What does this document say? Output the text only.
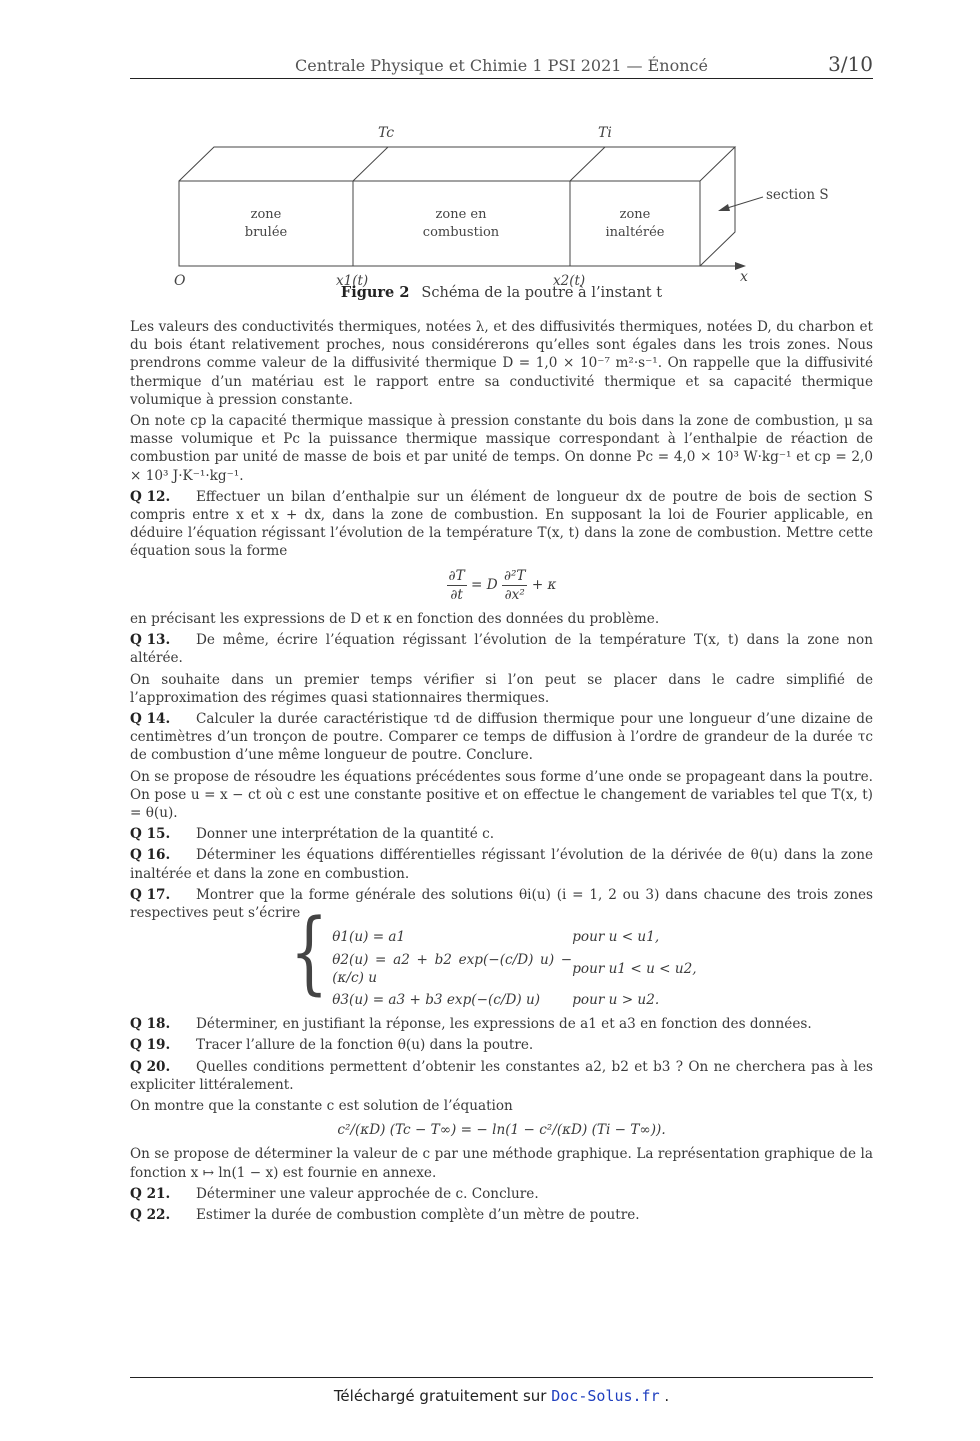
Centrale Physique et Chimie 1 PSI 2021 — Énoncé	3/10
Tc	Ti
zone
brulée
zone en
combustion
zone
inaltérée
section S
O	x1(t)	x2(t)	x
Figure 2 Schéma de la poutre à l’instant t

Les valeurs des conductivités thermiques, notées λ, et des diffusivités thermiques, notées D, du charbon et du bois étant relativement proches, nous considérerons qu’elles sont égales dans les trois zones. Nous prendrons comme valeur de la diffusivité thermique D = 1,0 × 10⁻⁷ m²·s⁻¹. On rappelle que la diffusivité thermique d’un matériau est le rapport entre sa conductivité thermique et sa capacité thermique volumique à pression constante.

On note cp la capacité thermique massique à pression constante du bois dans la zone de combustion, μ sa masse volumique et Pc la puissance thermique massique correspondant à l’enthalpie de réaction de combustion par unité de masse de bois et par unité de temps. On donne Pc = 4,0 × 10³ W·kg⁻¹ et cp = 2,0 × 10³ J·K⁻¹·kg⁻¹.

Q 12. Effectuer un bilan d’enthalpie sur un élément de longueur dx de poutre de bois de section S compris entre x et x + dx, dans la zone de combustion. En supposant la loi de Fourier applicable, en déduire l’équation régissant l’évolution de la température T(x, t) dans la zone de combustion. Mettre cette équation sous la forme

$\frac{\partial T}{\partial t} = D \frac{\text{∂²T}}{\text{∂x²}} + \kappa$

en précisant les expressions de D et κ en fonction des données du problème.

Q 13. De même, écrire l’équation régissant l’évolution de la température T(x, t) dans la zone non altérée.

On souhaite dans un premier temps vérifier si l’on peut se placer dans le cadre simplifié de l’approximation des régimes quasi stationnaires thermiques.

Q 14. Calculer la durée caractéristique τd de diffusion thermique pour une longueur d’une dizaine de centimètres d’un tronçon de poutre. Comparer ce temps de diffusion à l’ordre de grandeur de la durée τc de combustion d’une même longueur de poutre. Conclure.

On se propose de résoudre les équations précédentes sous forme d’une onde se propageant dans la poutre. On pose u = x − ct où c est une constante positive et on effectue le changement de variables tel que T(x, t) = θ(u).

Q 15. Donner une interprétation de la quantité c.

Q 16. Déterminer les équations différentielles régissant l’évolution de la dérivée de θ(u) dans la zone inaltérée et dans la zone en combustion.

Q 17. Montrer que la forme générale des solutions θi(u) (i = 1, 2 ou 3) dans chacune des trois zones respectives peut s’écrire

{ θ1(u) = a1	pour u < u1,
θ2(u) = a2 + b2 exp(−(c/D) u) − (κ/c) u
pour u1 < u < u2,
θ3(u) = a3 + b3 exp(−(c/D) u)	pour u > u2.

Q 18. Déterminer, en justifiant la réponse, les expressions de a1 et a3 en fonction des données.

Q 19. Tracer l’allure de la fonction θ(u) dans la poutre.

Q 20. Quelles conditions permettent d’obtenir les constantes a2, b2 et b3 ? On ne cherchera pas à les expliciter littéralement.

On montre que la constante c est solution de l’équation

c²/(κD) (Tc − T∞) = − ln(1 − c²/(κD) (Ti − T∞)).

On se propose de déterminer la valeur de c par une méthode graphique. La représentation graphique de la fonction x ↦ ln(1 − x) est fournie en annexe.

Q 21. Déterminer une valeur approchée de c. Conclure.

Q 22. Estimer la durée de combustion complète d’un mètre de poutre.

Téléchargé gratuitement sur Doc-Solus.fr .
